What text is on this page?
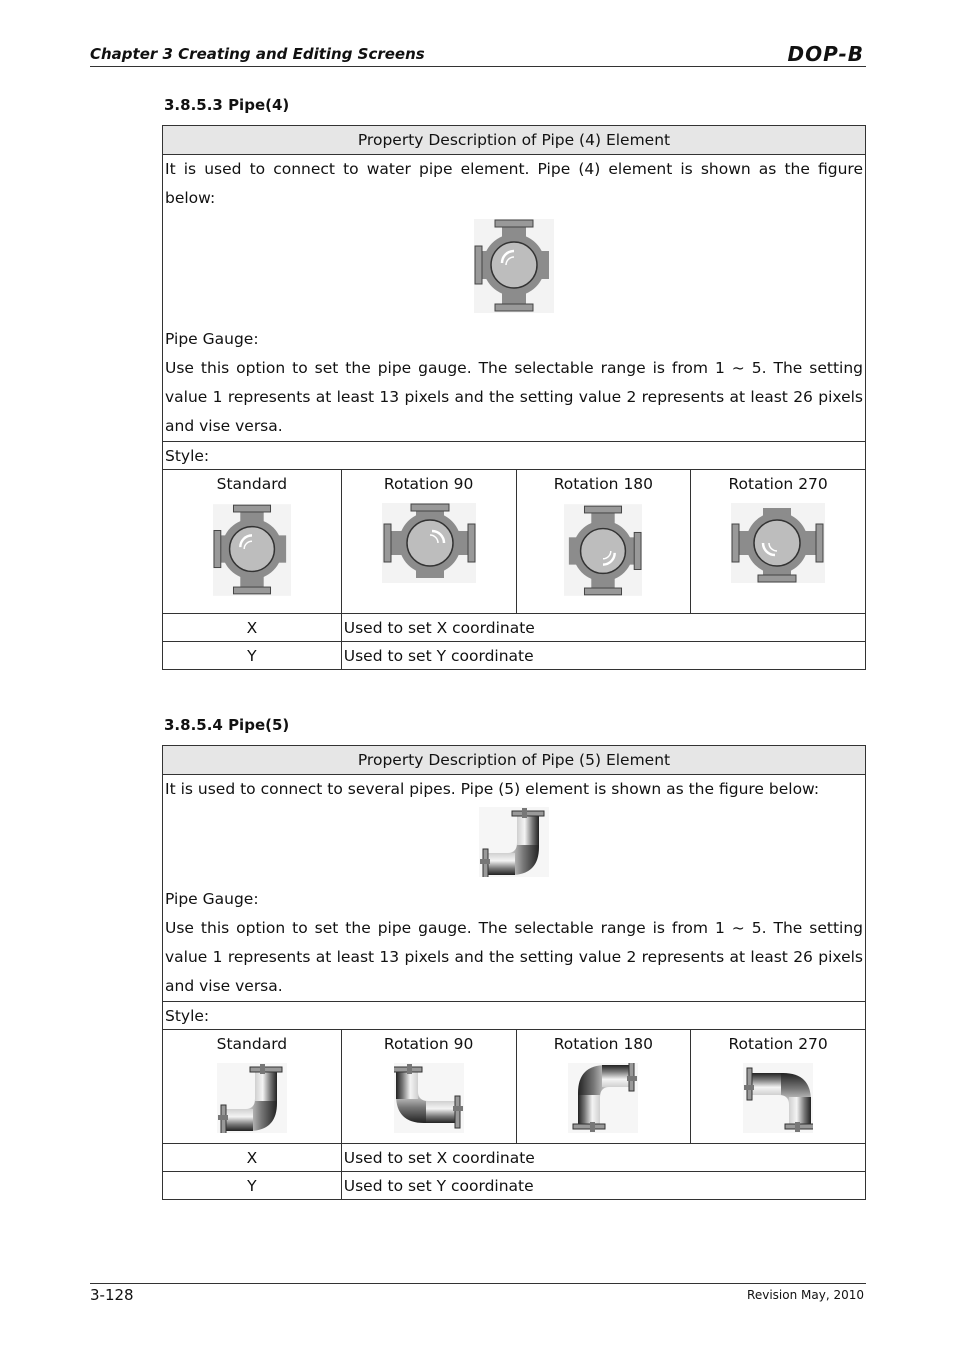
Chapter 3 Creating and Editing Screens	DOP-B
3.8.5.3 Pipe(4)
Property Description of Pipe (4) Element			

It is used to connect to water pipe element. Pipe (4) element is shown as the figure below:
Pipe Gauge:
Use this option to set the pipe gauge. The selectable range is from 1 ~ 5. The setting value 1 represents at least 13 pixels and the setting value 2 represents at least 26 pixels and vise versa.			

Style:			

Standard	Rotation 90	Rotation 180	Rotation 270

X	Used to set X coordinate		
Y	Used to set Y coordinate		
3.8.5.4 Pipe(5)
Property Description of Pipe (5) Element			

It is used to connect to several pipes. Pipe (5) element is shown as the figure below:
Pipe Gauge:
Use this option to set the pipe gauge. The selectable range is from 1 ~ 5. The setting value 1 represents at least 13 pixels and the setting value 2 represents at least 26 pixels and vise versa.			

Style:			

Standard	Rotation 90	Rotation 180	Rotation 270

X	Used to set X coordinate		
Y	Used to set Y coordinate		
3-128	Revision May, 2010
